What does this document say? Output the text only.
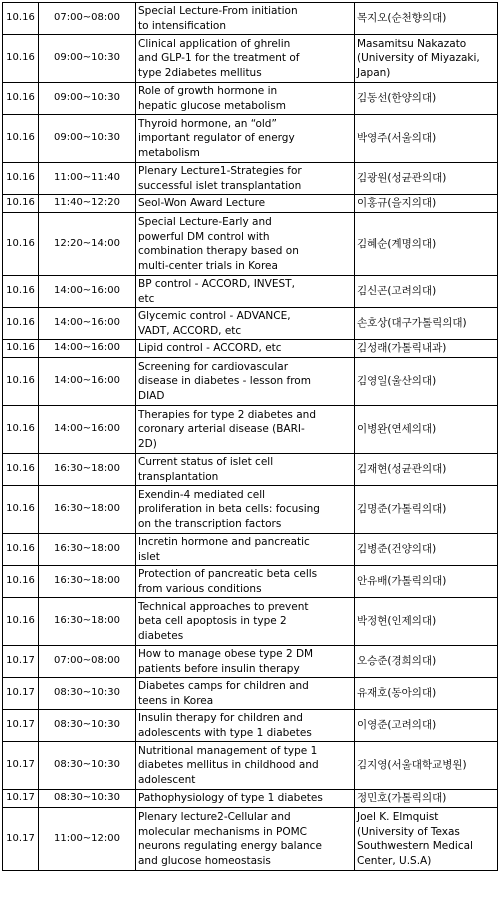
10.16	07:00~08:00	Special Lecture-From initiation
to intensification	목지오(순천향의대)
10.16	09:00~10:30	Clinical application of ghrelin
and GLP-1 for the treatment of
type 2diabetes mellitus	Masamitsu Nakazato
(University of Miyazaki,
Japan)
10.16	09:00~10:30	Role of growth hormone in
hepatic glucose metabolism	김동선(한양의대)
10.16	09:00~10:30	Thyroid hormone, an “old”
important regulator of energy
metabolism	박영주(서울의대)
10.16	11:00~11:40	Plenary Lecture1-Strategies for
successful islet transplantation	김광원(성균관의대)
10.16	11:40~12:20	Seol-Won Award Lecture	이홍규(을지의대)
10.16	12:20~14:00	Special Lecture-Early and
powerful DM control with
combination therapy based on
multi-center trials in Korea	김혜순(계명의대)
10.16	14:00~16:00	BP control - ACCORD, INVEST,
etc	김신곤(고려의대)
10.16	14:00~16:00	Glycemic control - ADVANCE,
VADT, ACCORD, etc	손호상(대구가톨릭의대)
10.16	14:00~16:00	Lipid control - ACCORD, etc	김성래(가톨릭내과)
10.16	14:00~16:00	Screening for cardiovascular
disease in diabetes - lesson from
DIAD	김영일(울산의대)
10.16	14:00~16:00	Therapies for type 2 diabetes and
coronary arterial disease (BARI-
2D)	이병완(연세의대)
10.16	16:30~18:00	Current status of islet cell
transplantation	김재현(성균관의대)
10.16	16:30~18:00	Exendin-4 mediated cell
proliferation in beta cells: focusing
on the transcription factors	김명준(가톨릭의대)
10.16	16:30~18:00	Incretin hormone and pancreatic
islet	김병준(건양의대)
10.16	16:30~18:00	Protection of pancreatic beta cells
from various conditions	안유배(가톨릭의대)
10.16	16:30~18:00	Technical approaches to prevent
beta cell apoptosis in type 2
diabetes	박정현(인제의대)
10.17	07:00~08:00	How to manage obese type 2 DM
patients before insulin therapy	오승준(경희의대)
10.17	08:30~10:30	Diabetes camps for children and
teens in Korea	유재호(동아의대)
10.17	08:30~10:30	Insulin therapy for children and
adolescents with type 1 diabetes	이영준(고려의대)
10.17	08:30~10:30	Nutritional management of type 1
diabetes mellitus in childhood and
adolescent	김지영(서울대학교병원)
10.17	08:30~10:30	Pathophysiology of type 1 diabetes	정민호(가톨릭의대)
10.17	11:00~12:00	Plenary lecture2-Cellular and
molecular mechanisms in POMC
neurons regulating energy balance
and glucose homeostasis	Joel K. Elmquist
(University of Texas
Southwestern Medical
Center, U.S.A)
